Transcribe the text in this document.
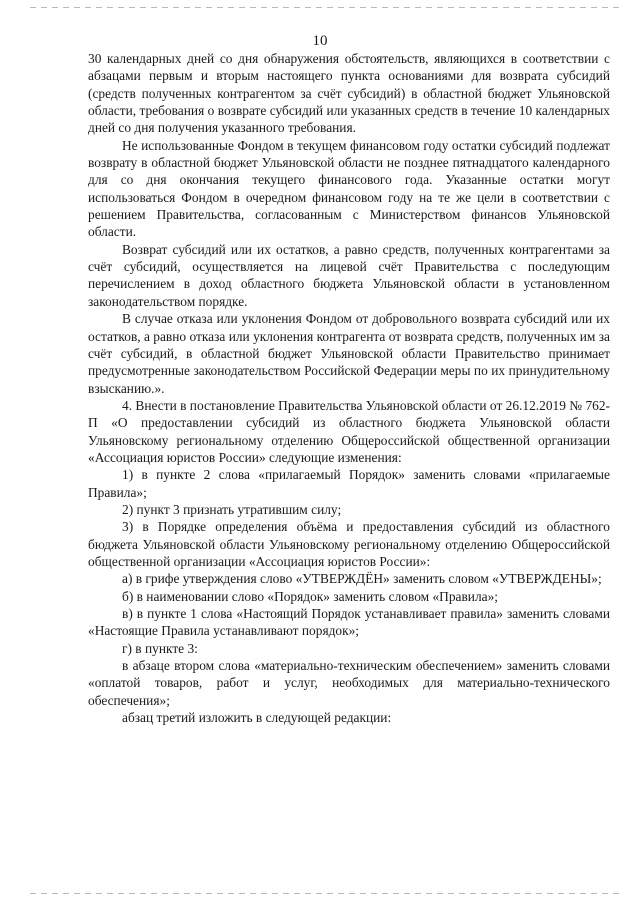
10

30 календарных дней со дня обнаружения обстоятельств, являющихся в соответствии с абзацами первым и вторым настоящего пункта основаниями для возврата субсидий (средств полученных контрагентом за счёт субсидий) в областной бюджет Ульяновской области, требования о возврате субсидий или указанных средств в течение 10 календарных дней со дня получения указанного требования.

Не использованные Фондом в текущем финансовом году остатки субсидий подлежат возврату в областной бюджет Ульяновской области не позднее пятнадцатого календарного для со дня окончания текущего финансового года. Указанные остатки могут использоваться Фондом в очередном финансовом году на те же цели в соответствии с решением Правительства, согласованным с Министерством финансов Ульяновской области.

Возврат субсидий или их остатков, а равно средств, полученных контрагентами за счёт субсидий, осуществляется на лицевой счёт Правительства с последующим перечислением в доход областного бюджета Ульяновской области в установленном законодательством порядке.

В случае отказа или уклонения Фондом от добровольного возврата субсидий или их остатков, а равно отказа или уклонения контрагента от возврата средств, полученных им за счёт субсидий, в областной бюджет Ульяновской области Правительство принимает предусмотренные законодательством Российской Федерации меры по их принудительному взысканию.».

4. Внести в постановление Правительства Ульяновской области от 26.12.2019 № 762-П «О предоставлении субсидий из областного бюджета Ульяновской области Ульяновскому региональному отделению Общероссийской общественной организации «Ассоциация юристов России» следующие изменения:

1) в пункте 2 слова «прилагаемый Порядок» заменить словами «прилагаемые Правила»;

2) пункт 3 признать утратившим силу;

3) в Порядке определения объёма и предоставления субсидий из областного бюджета Ульяновской области Ульяновскому региональному отделению Общероссийской общественной организации «Ассоциация юристов России»:

а) в грифе утверждения слово «УТВЕРЖДЁН» заменить словом «УТВЕРЖДЕНЫ»;

б) в наименовании слово «Порядок» заменить словом «Правила»;

в) в пункте 1 слова «Настоящий Порядок устанавливает правила» заменить словами «Настоящие Правила устанавливают порядок»;

г) в пункте 3:

в абзаце втором слова «материально-техническим обеспечением» заменить словами «оплатой товаров, работ и услуг, необходимых для материально-технического обеспечения»;

абзац третий изложить в следующей редакции:
